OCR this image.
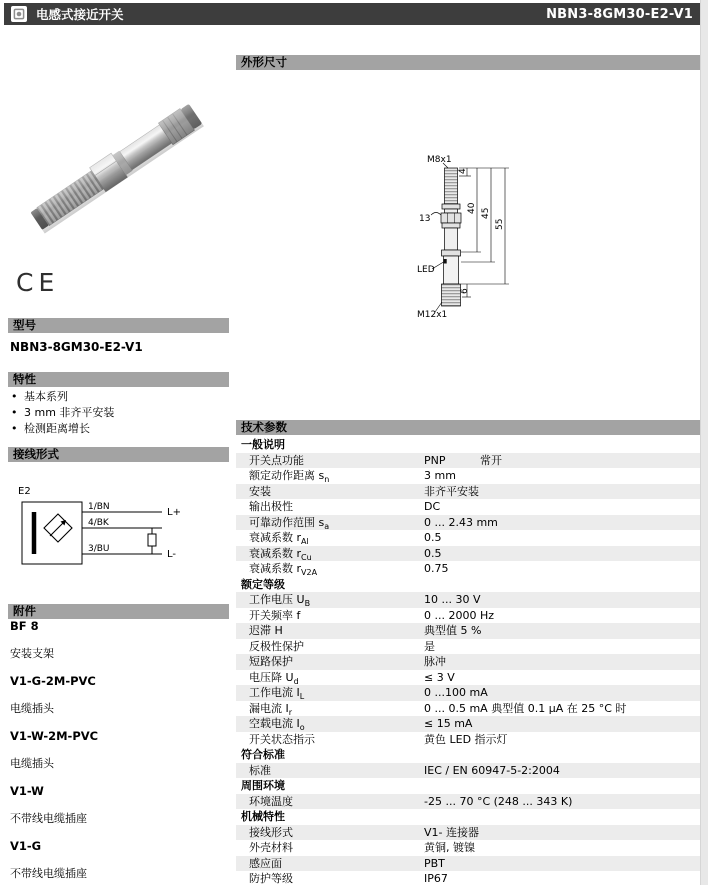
电感式接近开关	NBN3-8GM30-E2-V1
CE
型号
NBN3-8GM30-E2-V1
特性
• 基本系列
• 3 mm 非齐平安装
• 检测距离增长
接线形式
E2
1/BN
4/BK
3/BU
L+
L-
附件
BF 8
安装支架
V1-G-2M-PVC
电缆插头
V1-W-2M-PVC
电缆插头
V1-W
不带线电缆插座
V1-G
不带线电缆插座
外形尺寸
M8x1
4
40 45
55
13
LED
6
M12x1
技术参数
一般说明
开关点功能	PNP	常开
额定动作距离 $s_n$	3 mm
安装	非齐平安装
输出极性	DC
可靠动作范围 $s_a$	0 ... 2.43 mm
衰减系数 $r_{Al}$	0.5
衰减系数 $r_{Cu}$	0.5
衰减系数 $r_{V2A}$	0.75
额定等级
工作电压 $U_B$	10 ... 30 V
开关频率 f	0 ... 2000 Hz
迟滞 H	典型值 5 %
反极性保护	是
短路保护	脉冲
电压降 $U_d$	≤ 3 V
工作电流 $I_L$	0 ...100 mA
漏电流 $I_r$	0 ... 0.5 mA 典型值 0.1 μA 在 25 °C 时
空载电流 $I_o$	≤ 15 mA
开关状态指示	黄色 LED 指示灯
符合标准
标准	IEC / EN 60947-5-2:2004
周围环境
环境温度	-25 ... 70 °C (248 ... 343 K)
机械特性
接线形式	V1- 连接器
外壳材料	黄铜, 镀镍
感应面	PBT
防护等级	IP67
